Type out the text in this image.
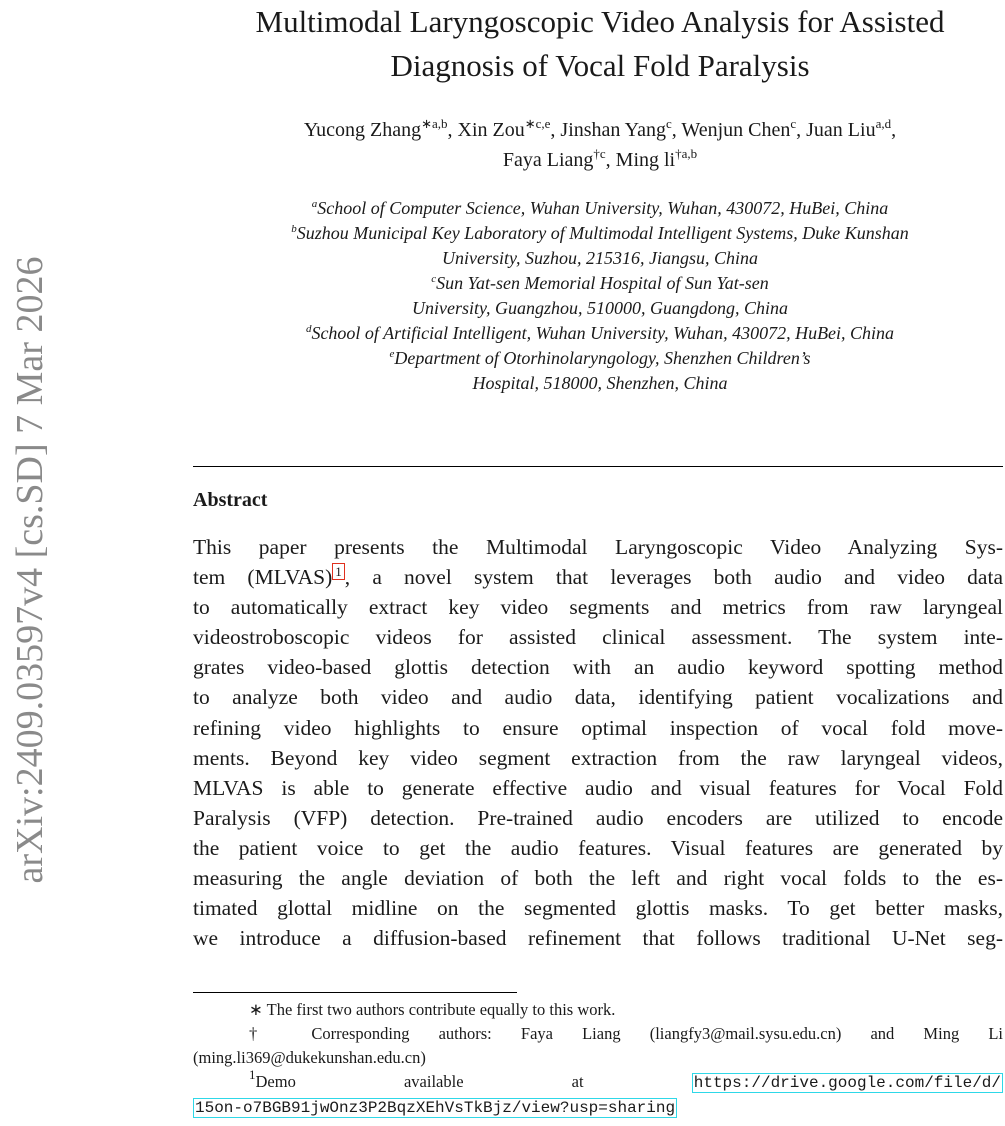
arXiv:2409.03597v4 [cs.SD] 7 Mar 2026
Multimodal Laryngoscopic Video Analysis for Assisted
Diagnosis of Vocal Fold Paralysis
Yucong Zhang$^{∗a,b}$, Xin Zou$^{∗c,e}$, Jinshan Yang$^c$, Wenjun Chen$^c$, Juan Liu$^{a,d}$,
Faya Liang$^{\dagger c}$, Ming li$^{\dagger a,b}$
$^a$School of Computer Science, Wuhan University, Wuhan, 430072, HuBei, China
$^b$Suzhou Municipal Key Laboratory of Multimodal Intelligent Systems, Duke Kunshan
University, Suzhou, 215316, Jiangsu, China
$^c$Sun Yat-sen Memorial Hospital of Sun Yat-sen
University, Guangzhou, 510000, Guangdong, China
$^d$School of Artificial Intelligent, Wuhan University, Wuhan, 430072, HuBei, China
$^e$Department of Otorhinolaryngology, Shenzhen Children’s
Hospital, 518000, Shenzhen, China
Abstract
This paper presents the Multimodal Laryngoscopic Video Analyzing Sys-
tem (MLVAS) $^1$ , a novel system that leverages both audio and video data
to automatically extract key video segments and metrics from raw laryngeal
videostroboscopic videos for assisted clinical assessment. The system inte-
grates video-based glottis detection with an audio keyword spotting method
to analyze both video and audio data, identifying patient vocalizations and
refining video highlights to ensure optimal inspection of vocal fold move-
ments. Beyond key video segment extraction from the raw laryngeal videos,
MLVAS is able to generate effective audio and visual features for Vocal Fold
Paralysis (VFP) detection. Pre-trained audio encoders are utilized to encode
the patient voice to get the audio features. Visual features are generated by
measuring the angle deviation of both the left and right vocal folds to the es-
timated glottal midline on the segmented glottis masks. To get better masks,
we introduce a diffusion-based refinement that follows traditional U-Net seg-
∗ The first two authors contribute equally to this work.
† Corresponding authors: Faya Liang (liangfy3@mail.sysu.edu.cn) and Ming Li
(ming.li369@dukekunshan.edu.cn)
$^1$Demo available at	https://drive.google.com/file/d/
15on-o7BGB91jwOnz3P2BqzXEhVsTkBjz/view?usp=sharing
